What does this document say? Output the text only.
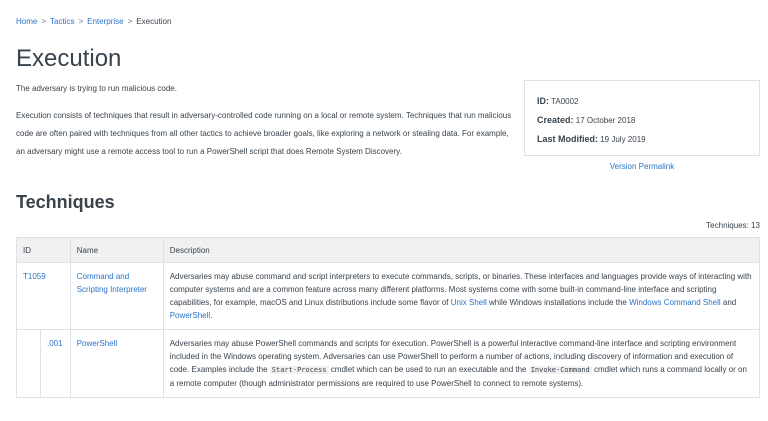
Home > Tactics > Enterprise > Execution
Execution

The adversary is trying to run malicious code.

Execution consists of techniques that result in adversary-controlled code running on a local or remote system. Techniques that run malicious code are often paired with techniques from all other tactics to achieve broader goals, like exploring a network or stealing data. For example, an adversary might use a remote access tool to run a PowerShell script that does Remote System Discovery.

ID: TA0002
Created: 17 October 2018
Last Modified: 19 July 2019
Version Permalink
Techniques
Techniques: 13
ID		Name	Description
T1059		Command and Scripting Interpreter	Adversaries may abuse command and script interpreters to execute commands, scripts, or binaries. These interfaces and languages provide ways of interacting with computer systems and are a common feature across many different platforms. Most systems come with some built-in command-line interface and scripting capabilities, for example, macOS and Linux distributions include some flavor of Unix Shell while Windows installations include the Windows Command Shell and PowerShell.
	.001	PowerShell	Adversaries may abuse PowerShell commands and scripts for execution. PowerShell is a powerful interactive command-line interface and scripting environment included in the Windows operating system. Adversaries can use PowerShell to perform a number of actions, including discovery of information and execution of code. Examples include the Start-Process cmdlet which can be used to run an executable and the Invoke-Command cmdlet which runs a command locally or on a remote computer (though administrator permissions are required to use PowerShell to connect to remote systems).
